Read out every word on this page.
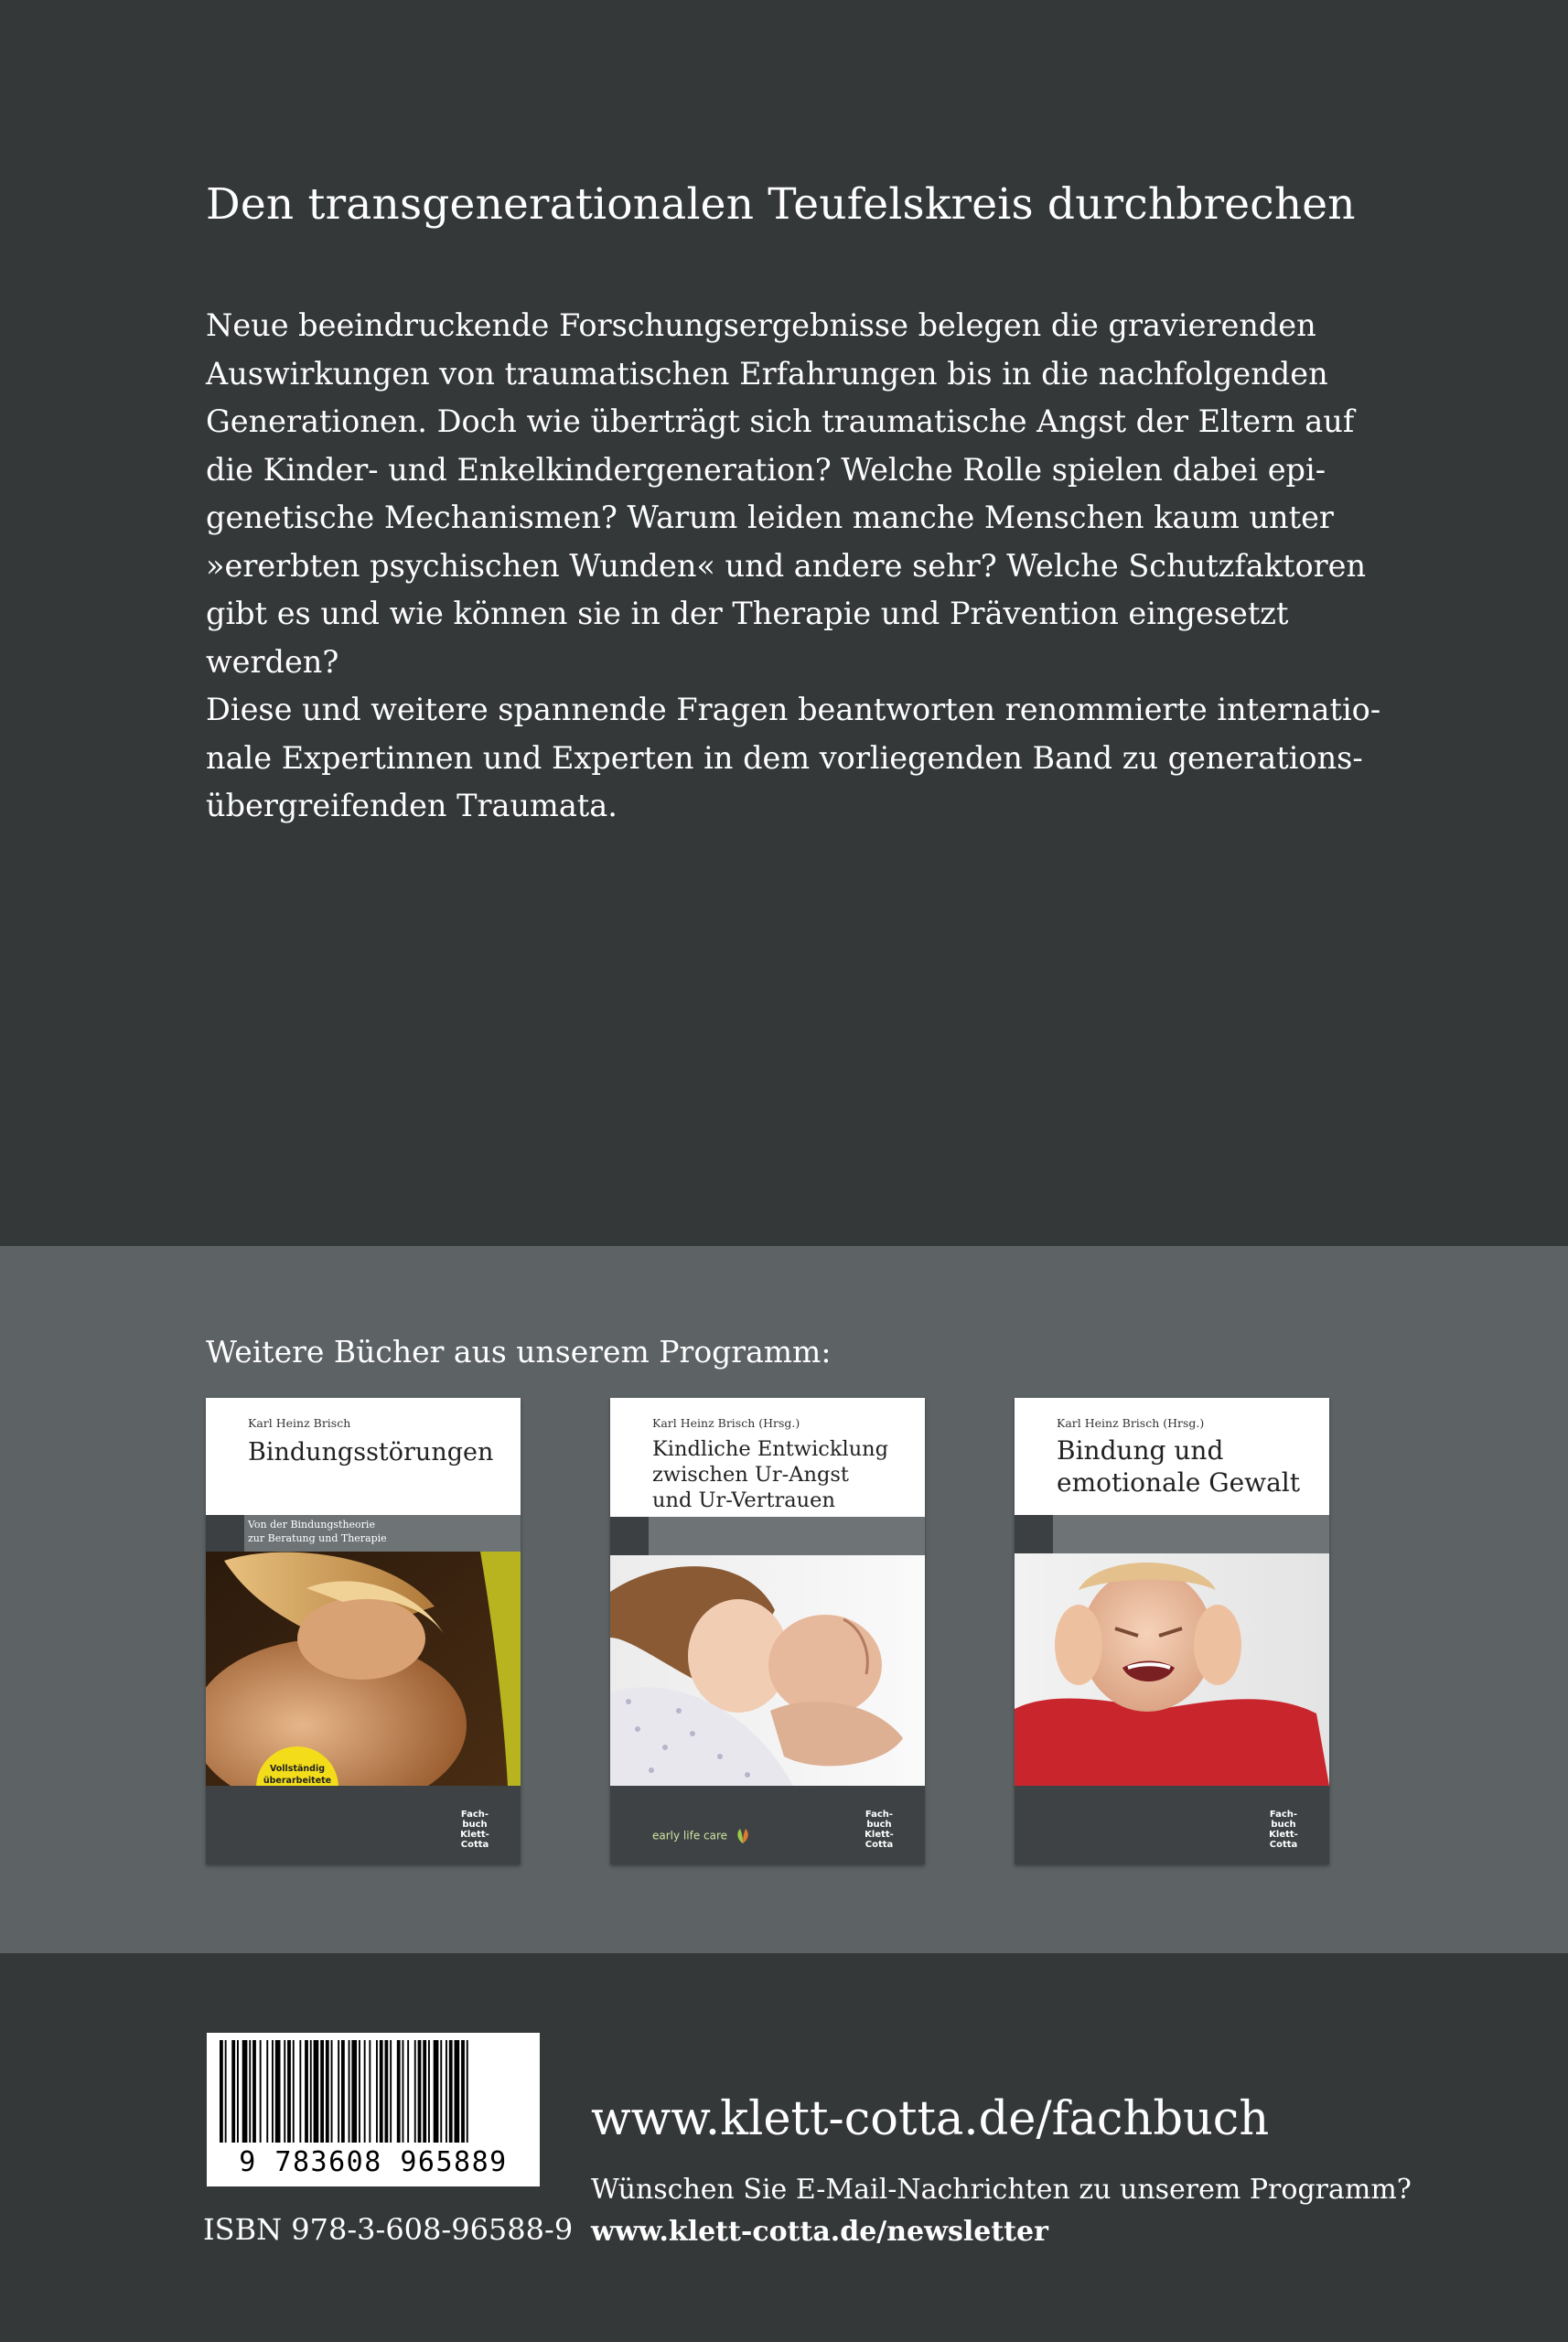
Den transgenerationalen Teufelskreis durchbrechen

Neue beeindruckende Forschungsergebnisse belegen die gravierenden

Auswirkungen von traumatischen Erfahrungen bis in die nachfolgenden

Generationen. Doch wie überträgt sich traumatische Angst der Eltern auf

die Kinder- und Enkelkindergeneration? Welche Rolle spielen dabei epi-

genetische Mechanismen? Warum leiden manche Menschen kaum unter

»ererbten psychischen Wunden« und andere sehr? Welche Schutzfaktoren

gibt es und wie können sie in der Therapie und Prävention eingesetzt

werden?

Diese und weitere spannende Fragen beantworten renommierte internatio-

nale Expertinnen und Experten in dem vorliegenden Band zu generations-

übergreifenden Traumata.

Weitere Bücher aus unserem Programm:
Karl Heinz Brisch
Bindungsstörungen
Von der Bindungstheorie
zur Beratung und Therapie
Vollständig
überarbeitete
Fach-
buch
Klett-Cotta
Karl Heinz Brisch (Hrsg.)
Kindliche Entwicklung
zwischen Ur-Angst
und Ur-Vertrauen
early life care
Fach-
buch
Klett-Cotta
Karl Heinz Brisch (Hrsg.)
Bindung und
emotionale Gewalt
Fach-
buch
Klett-Cotta
9 783608 965889
ISBN 978-3-608-96588-9
www.klett-cotta.de/fachbuch
Wünschen Sie E-Mail-Nachrichten zu unserem Programm?
www.klett-cotta.de/newsletter
